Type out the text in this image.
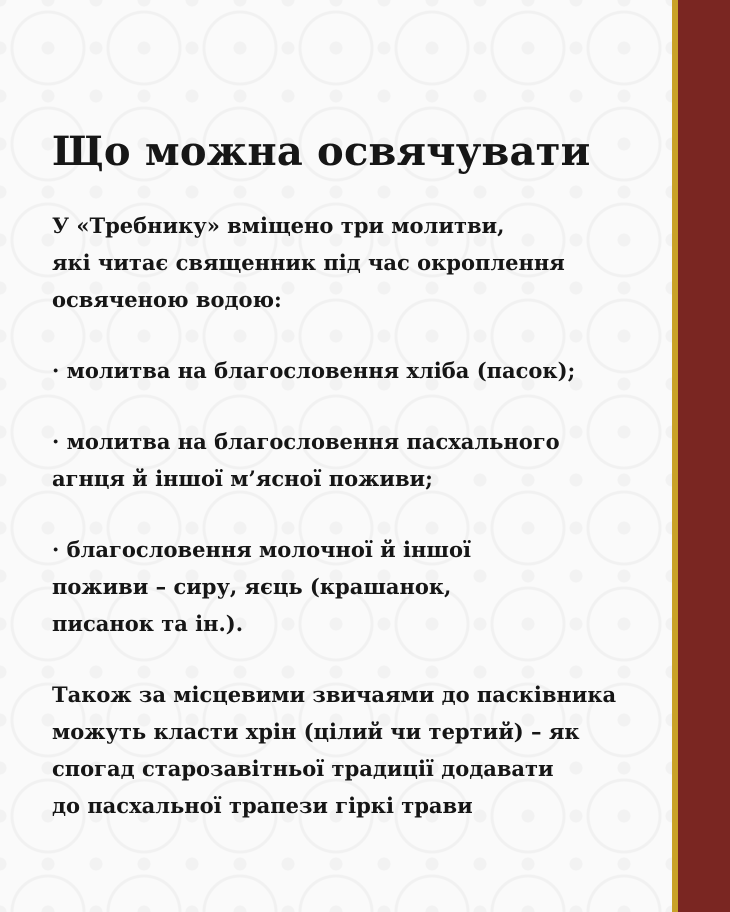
Що можна освячувати

У «Требнику» вміщено три молитви,
які читає священник під час окроплення
освяченою водою:

· молитва на благословення хліба (пасок);
· молитва на благословення пасхального
агнця й іншої м’ясної поживи;
· благословення молочної й іншої
поживи – сиру, яєць (крашанок,
писанок та ін.).

Також за місцевими звичаями до пасківника
можуть класти хрін (цілий чи тертий) – як
спогад старозавітньої традиції додавати
до пасхальної трапези гіркі трави
